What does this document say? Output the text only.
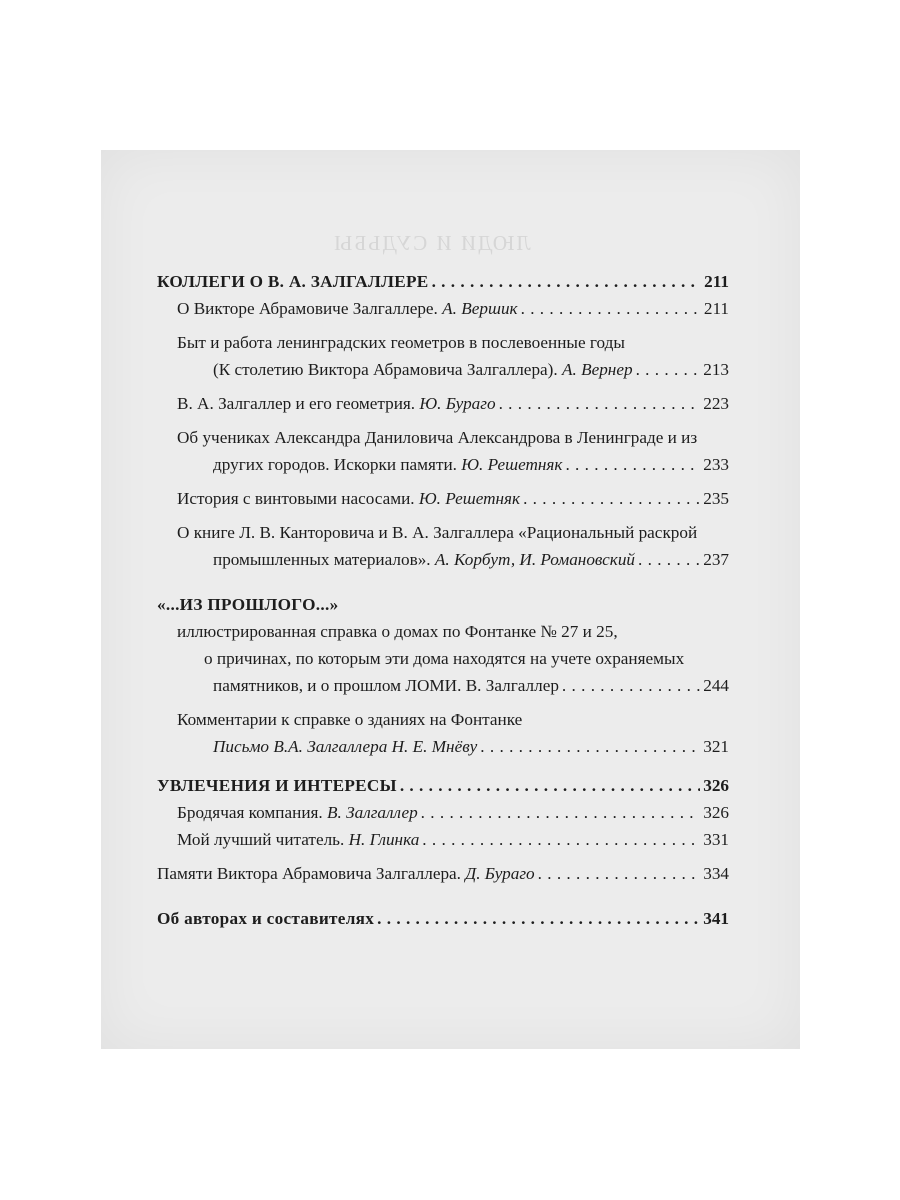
ЛЮДИ И СУДЬБЫ
КОЛЛЕГИ О В. А. ЗАЛГАЛЛЕРЕ . . .	211
О Викторе Абрамовиче Залгаллере. А. Вершик . . .	211
Быт и работа ленинградских геометров в послевоенные годы
(К столетию Виктора Абрамовича Залгаллера). А. Вернер . . .	213
В. А. Залгаллер и его геометрия. Ю. Бураго . . .	223
Об учениках Александра Даниловича Александрова в Ленинграде и из
других городов. Искорки памяти. Ю. Решетняк . . .	233
История с винтовыми насосами. Ю. Решетняк . . .	235
О книге Л. В. Канторовича и В. А. Залгаллера «Рациональный раскрой
промышленных материалов». А. Корбут, И. Романовский . . .	237
«...ИЗ ПРОШЛОГО...»
иллюстрированная справка о домах по Фонтанке № 27 и 25,
о причинах, по которым эти дома находятся на учете охраняемых
памятников, и о прошлом ЛОМИ. В. Залгаллер . . .	244
Комментарии к справке о зданиях на Фонтанке
Письмо В.А. Залгаллера Н. Е. Мнёву . . .	321
УВЛЕЧЕНИЯ И ИНТЕРЕСЫ . . .	326
Бродячая компания. В. Залгаллер . . .	326
Мой лучший читатель. Н. Глинка . . .	331
Памяти Виктора Абрамовича Залгаллера. Д. Бураго . . .	334
Об авторах и составителях . . .	341
